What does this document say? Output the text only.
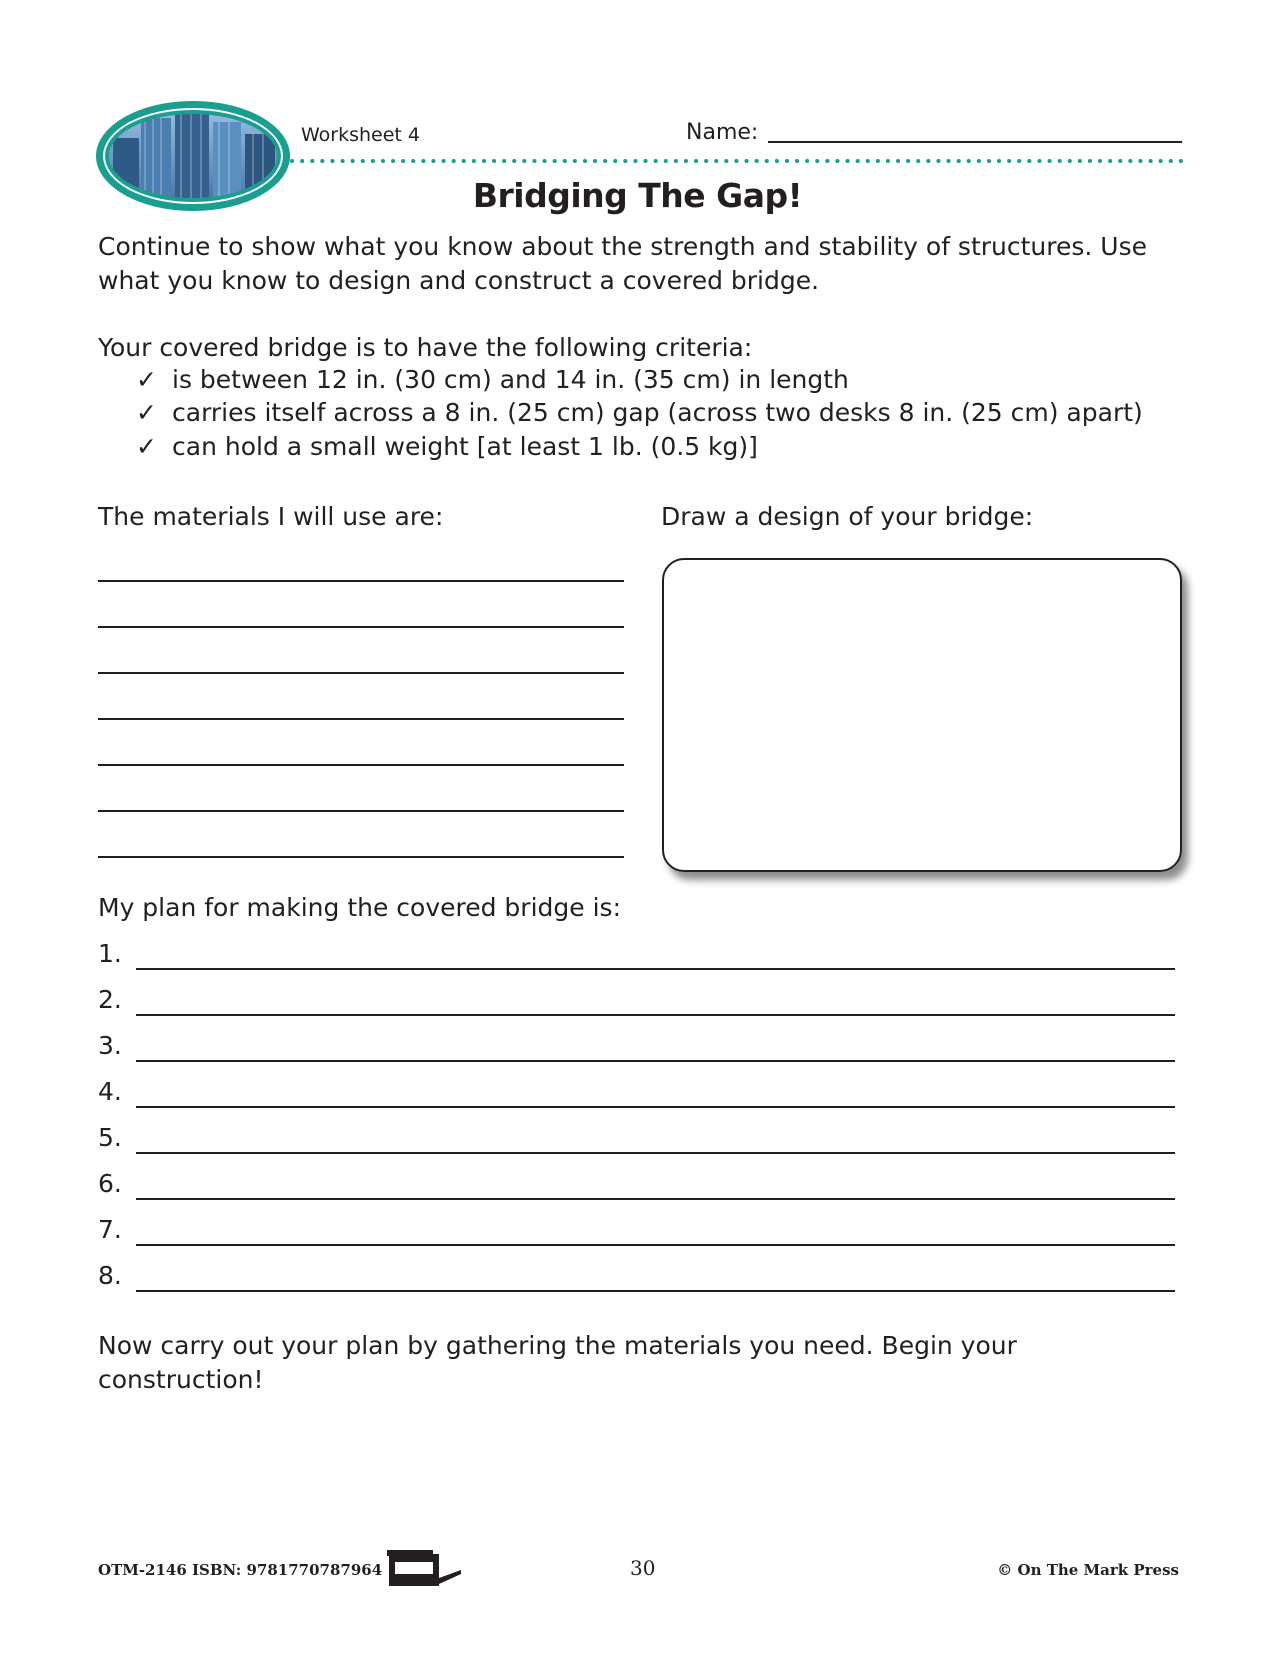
Worksheet 4	Name:
Bridging The Gap!
Continue to show what you know about the strength and stability of structures. Use what you know to design and construct a covered bridge.
Your covered bridge is to have the following criteria:
✓ is between 12 in. (30 cm) and 14 in. (35 cm) in length
✓ carries itself across a 8 in. (25 cm) gap (across two desks 8 in. (25 cm) apart)
✓ can hold a small weight [at least 1 lb. (0.5 kg)]
The materials I will use are:	Draw a design of your bridge:
My plan for making the covered bridge is:
1.
2.
3.
4.
5.
6.
7.
8.
Now carry out your plan by gathering the materials you need. Begin your construction!
OTM-2146 ISBN: 9781770787964	30	© On The Mark Press
